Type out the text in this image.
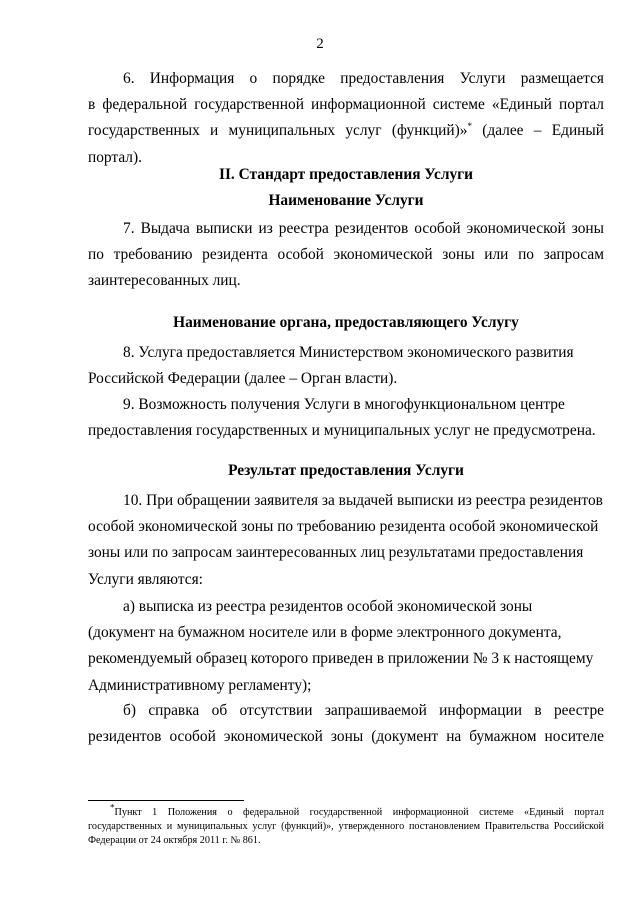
2

6. Информация о порядке предоставления Услуги размещается
в федеральной государственной информационной системе «Единый портал
государственных и муниципальных услуг (функций)»* (далее – Единый портал).

II. Стандарт предоставления Услуги
Наименование Услуги

7. Выдача выписки из реестра резидентов особой экономической зоны
по требованию резидента особой экономической зоны или по запросам
заинтересованных лиц.

Наименование органа, предоставляющего Услугу

8. Услуга предоставляется Министерством экономического развития
Российской Федерации (далее – Орган власти).

9. Возможность получения Услуги в многофункциональном центре
предоставления государственных и муниципальных услуг не предусмотрена.

Результат предоставления Услуги

10. При обращении заявителя за выдачей выписки из реестра резидентов
особой экономической зоны по требованию резидента особой экономической
зоны или по запросам заинтересованных лиц результатами предоставления
Услуги являются:

а) выписка из реестра резидентов особой экономической зоны
(документ на бумажном носителе или в форме электронного документа,
рекомендуемый образец которого приведен в приложении № 3 к настоящему
Административному регламенту);

б) справка об отсутствии запрашиваемой информации в реестре
резидентов особой экономической зоны (документ на бумажном носителе

*Пункт 1 Положения о федеральной государственной информационной системе «Единый портал государственных и муниципальных услуг (функций)», утвержденного постановлением Правительства Российской Федерации от 24 октября 2011 г. № 861.
